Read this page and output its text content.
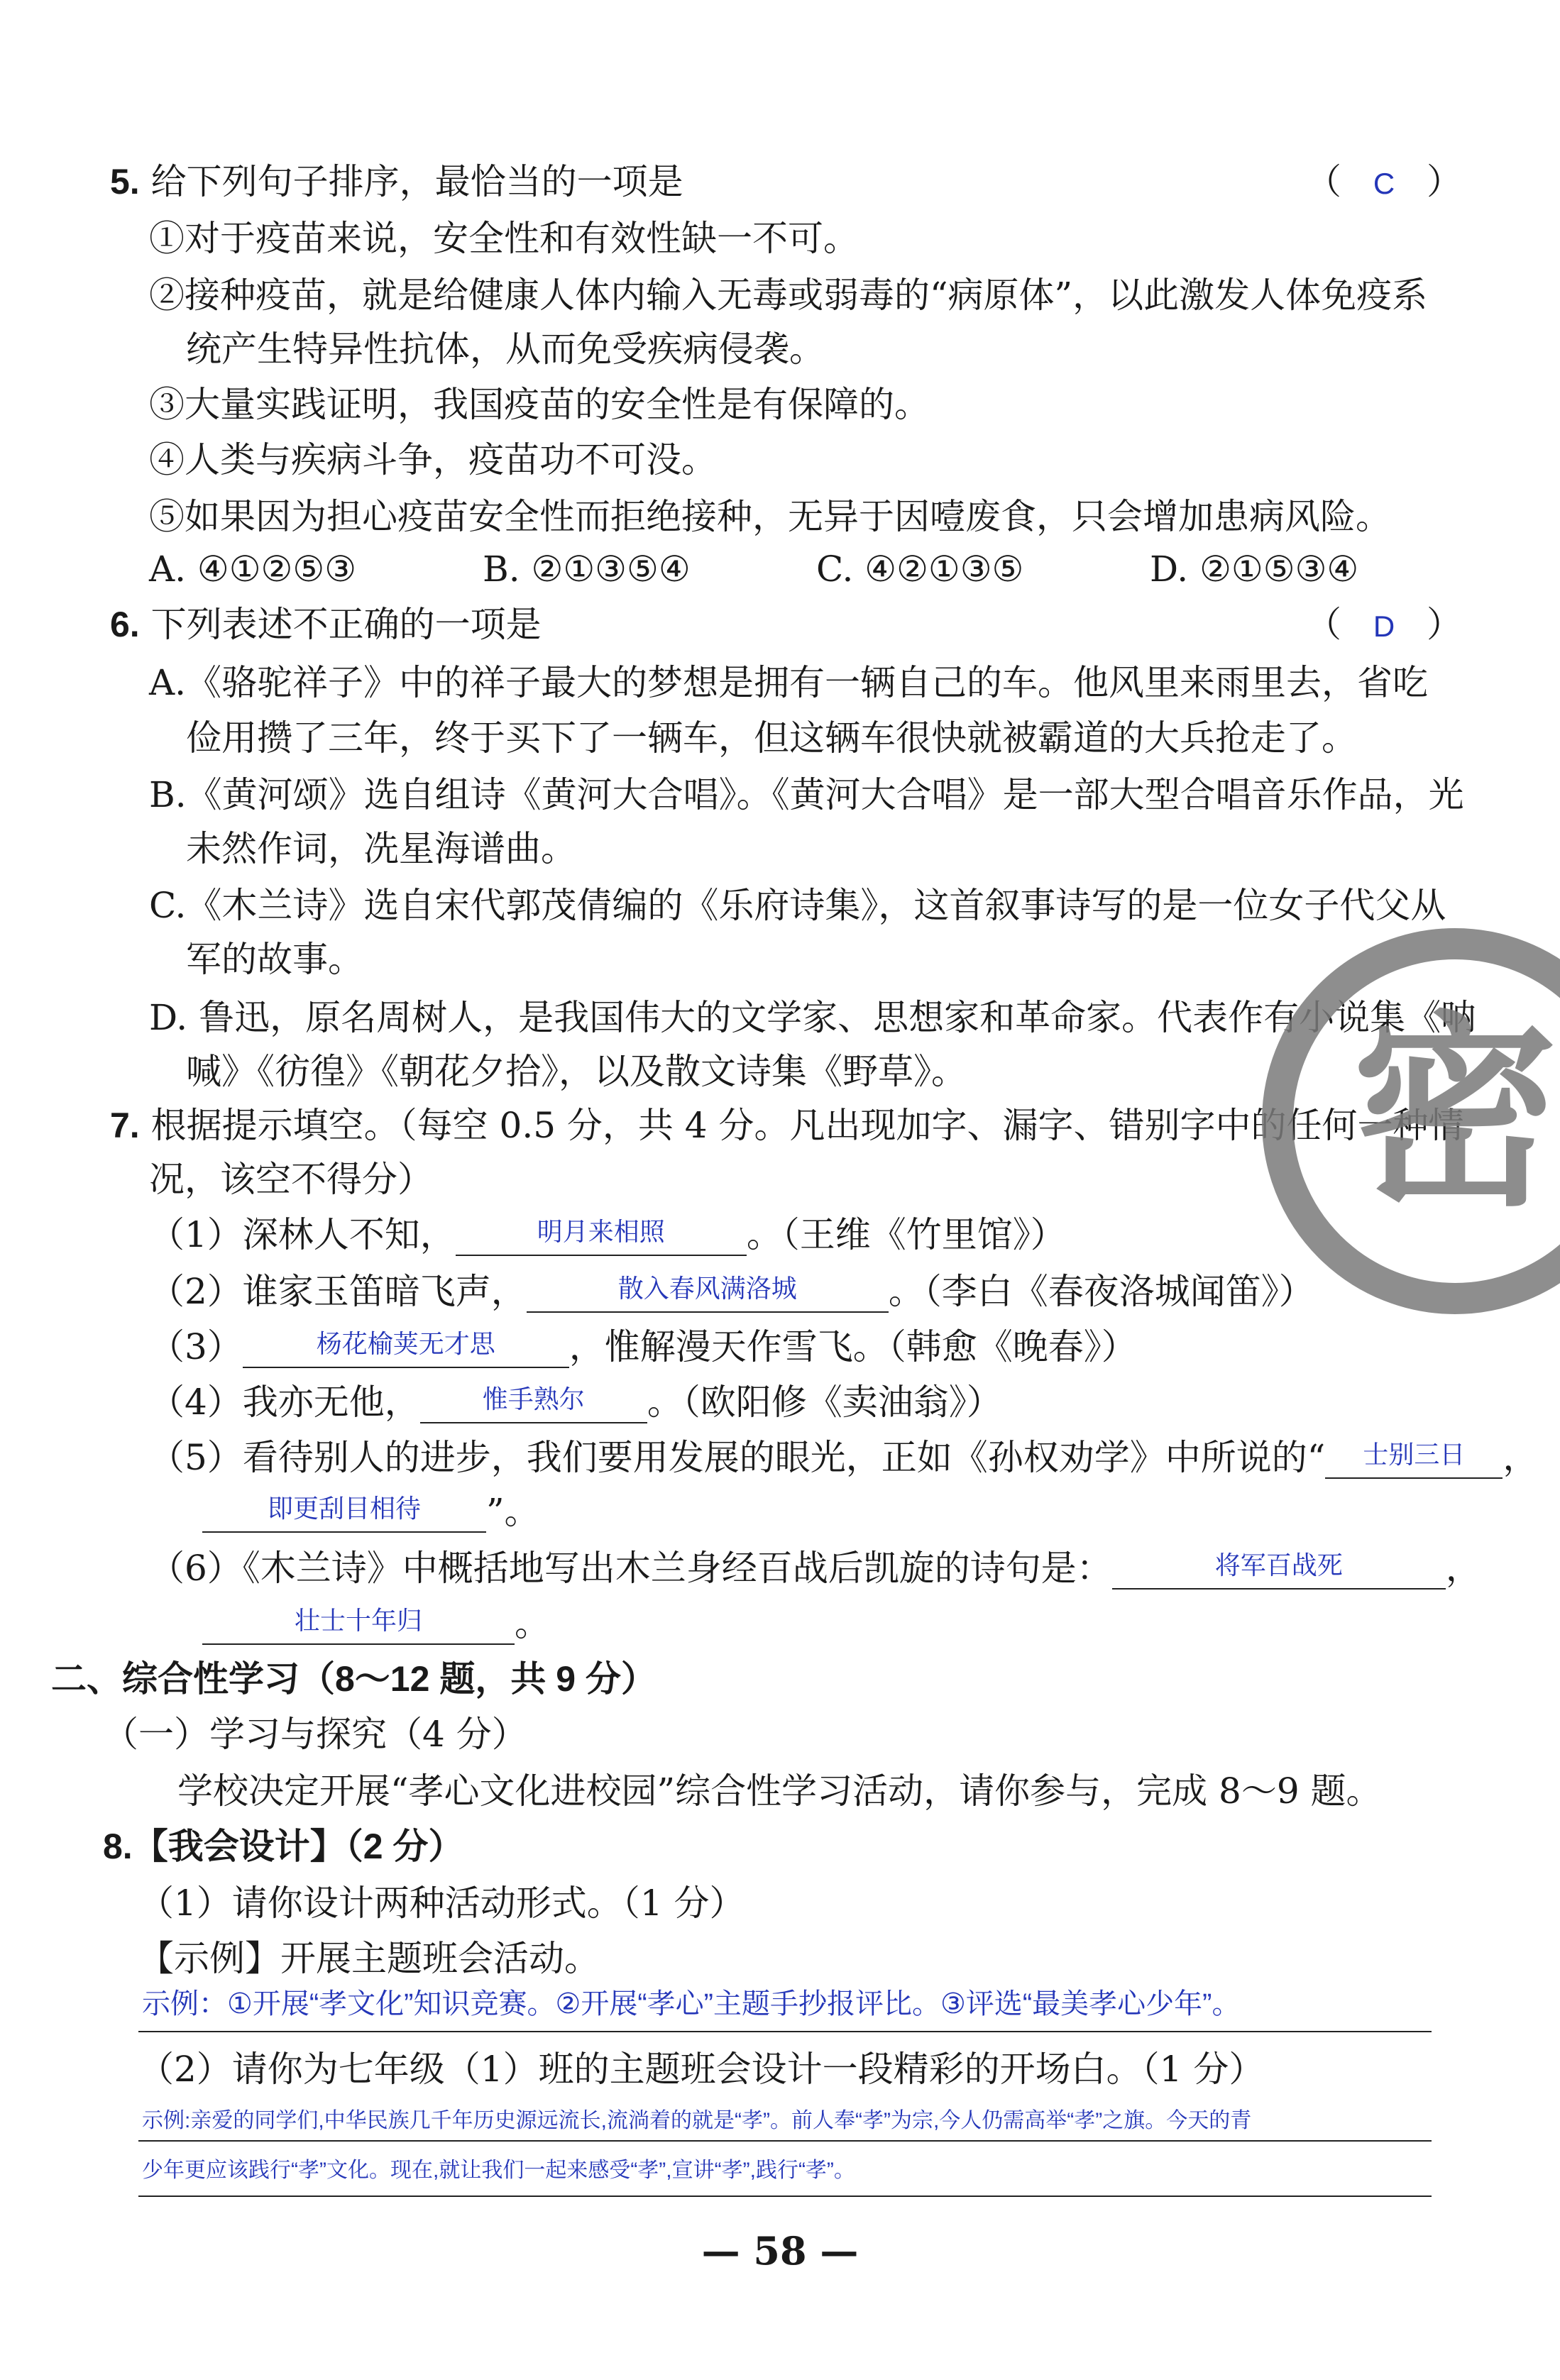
5. 给下列句子排序，最恰当的一项是	（ C ）
①对于疫苗来说，安全性和有效性缺一不可。
②接种疫苗，就是给健康人体内输入无毒或弱毒的“病原体”，以此激发人体免疫系
统产生特异性抗体，从而免受疾病侵袭。
③大量实践证明，我国疫苗的安全性是有保障的。
④人类与疾病斗争，疫苗功不可没。
⑤如果因为担心疫苗安全性而拒绝接种，无异于因噎废食，只会增加患病风险。
A. ④①②⑤③	B. ②①③⑤④	C. ④②①③⑤	D. ②①⑤③④
6. 下列表述不正确的一项是	（ D ）
A.《骆驼祥子》中的祥子最大的梦想是拥有一辆自己的车。他风里来雨里去，省吃
俭用攒了三年，终于买下了一辆车，但这辆车很快就被霸道的大兵抢走了。
B.《黄河颂》选自组诗《黄河大合唱》。《黄河大合唱》是一部大型合唱音乐作品，光
未然作词，冼星海谱曲。
C.《木兰诗》选自宋代郭茂倩编的《乐府诗集》，这首叙事诗写的是一位女子代父从
军的故事。
D. 鲁迅，原名周树人，是我国伟大的文学家、思想家和革命家。代表作有小说集《呐
喊》《彷徨》《朝花夕拾》，以及散文诗集《野草》。
7. 根据提示填空。（每空 0.5 分，共 4 分。凡出现加字、漏字、错别字中的任何一种情
况，该空不得分）
（1）深林人不知，	明月来相照	。（王维《竹里馆》）
（2）谁家玉笛暗飞声，	散入春风满洛城	。（李白《春夜洛城闻笛》）
（3）	杨花榆荚无才思	，惟解漫天作雪飞。（韩愈《晚春》）
（4）我亦无他，	惟手熟尔	。（欧阳修《卖油翁》）
（5）看待别人的进步，我们要用发展的眼光，正如《孙权劝学》中所说的“	士别三日	，
即更刮目相待	”。
（6）《木兰诗》中概括地写出木兰身经百战后凯旋的诗句是：	将军百战死	，
壮士十年归	。
二、综合性学习（8～12 题，共 9 分）
（一）学习与探究（4 分）
学校决定开展“孝心文化进校园”综合性学习活动，请你参与，完成 8～9 题。
8.【我会设计】（2 分）
（1）请你设计两种活动形式。（1 分）
【示例】开展主题班会活动。
示例：①开展“孝文化”知识竞赛。②开展“孝心”主题手抄报评比。③评选“最美孝心少年”。
（2）请你为七年级（1）班的主题班会设计一段精彩的开场白。（1 分）
示例:亲爱的同学们,中华民族几千年历史源远流长,流淌着的就是“孝”。前人奉“孝”为宗,今人仍需高举“孝”之旗。今天的青
少年更应该践行“孝”文化。现在,就让我们一起来感受“孝”,宣讲“孝”,践行“孝”。
密
— 58 —
